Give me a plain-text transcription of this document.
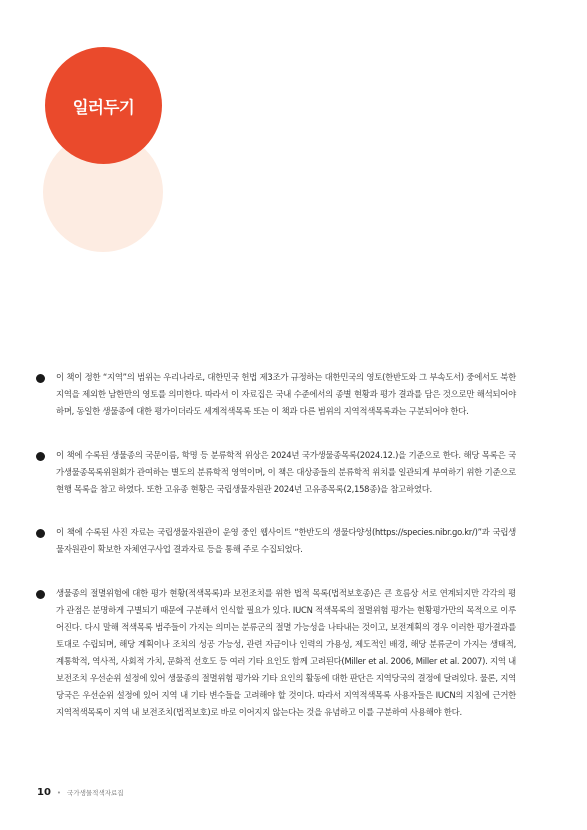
일러두기
이 책이 정한 “지역”의 범위는 우리나라로, 대한민국 헌법 제3조가 규정하는 대한민국의 영토(한반도와 그 부속도서) 중에서도 북한지역을 제외한 남한만의 영토를 의미한다. 따라서 이 자료집은 국내 수준에서의 종별 현황과 평가 결과를 담은 것으로만 해석되어야 하며, 동일한 생물종에 대한 평가이더라도 세계적색목록 또는 이 책과 다른 범위의 지역적색목록과는 구분되어야 한다.
이 책에 수록된 생물종의 국문이름, 학명 등 분류학적 위상은 2024년 국가생물종목록(2024.12.)을 기준으로 한다. 해당 목록은 국가생물종목록위원회가 관여하는 별도의 분류학적 영역이며, 이 책은 대상종들의 분류학적 위치를 일관되게 부여하기 위한 기준으로 현행 목록을 참고 하였다. 또한 고유종 현황은 국립생물자원관 2024년 고유종목록(2,158종)을 참고하였다.
이 책에 수록된 사진 자료는 국립생물자원관이 운영 중인 웹사이트 “한반도의 생물다양성(https://species.nibr.go.kr/)”과 국립생물자원관이 확보한 자체연구사업 결과자료 등을 통해 주로 수집되었다.
생물종의 절멸위험에 대한 평가 현황(적색목록)과 보전조치를 위한 법적 목록(법적보호종)은 큰 흐름상 서로 연계되지만 각각의 평가 관점은 분명하게 구별되기 때문에 구분해서 인식할 필요가 있다. IUCN 적색목록의 절멸위험 평가는 현황평가만의 목적으로 이루어진다. 다시 말해 적색목록 범주들이 가지는 의미는 분류군의 절멸 가능성을 나타내는 것이고, 보전계획의 경우 이러한 평가결과를 토대로 수립되며, 해당 계획이나 조치의 성공 가능성, 관련 자금이나 인력의 가용성, 제도적인 배경, 해당 분류군이 가지는 생태적, 계통학적, 역사적, 사회적 가치, 문화적 선호도 등 여러 기타 요인도 함께 고려된다(Miller et al. 2006, Miller et al. 2007). 지역 내 보전조치 우선순위 설정에 있어 생물종의 절멸위험 평가와 기타 요인의 활동에 대한 판단은 지역당국의 결정에 달려있다. 물론, 지역당국은 우선순위 설정에 있어 지역 내 기타 변수들을 고려해야 할 것이다. 따라서 지역적색목록 사용자들은 IUCN의 지침에 근거한 지역적색목록이 지역 내 보전조치(법적보호)로 바로 이어지지 않는다는 것을 유념하고 이를 구분하여 사용해야 한다.
10 • 국가생물적색자료집
